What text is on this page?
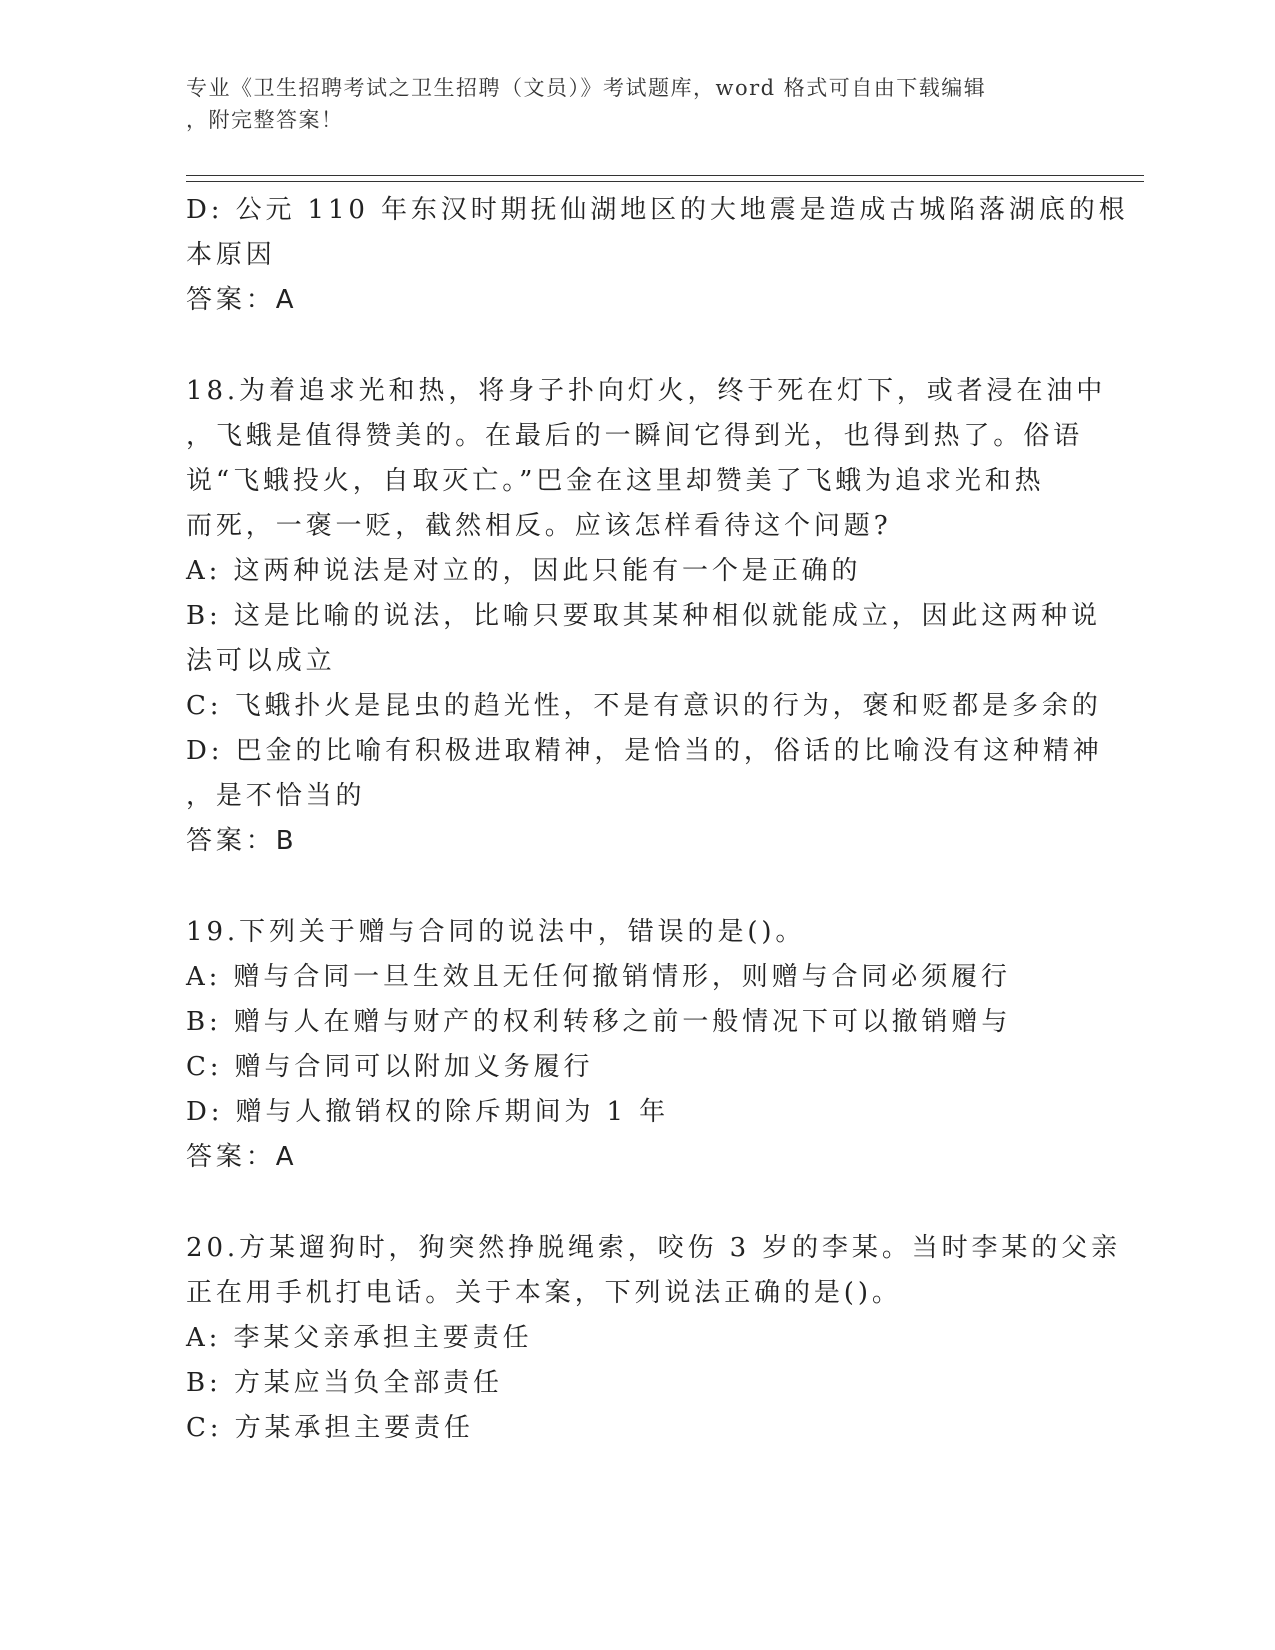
专业《卫生招聘考试之卫生招聘（文员）》考试题库，word 格式可自由下载编辑
，附完整答案！
D: 公元 110 年东汉时期抚仙湖地区的大地震是造成古城陷落湖底的根
本原因
答案：A
18.为着追求光和热，将身子扑向灯火，终于死在灯下，或者浸在油中
，飞蛾是值得赞美的。在最后的一瞬间它得到光，也得到热了。俗语
说“飞蛾投火，自取灭亡。”巴金在这里却赞美了飞蛾为追求光和热
而死，一褒一贬，截然相反。应该怎样看待这个问题?
A: 这两种说法是对立的，因此只能有一个是正确的
B: 这是比喻的说法，比喻只要取其某种相似就能成立，因此这两种说
法可以成立
C: 飞蛾扑火是昆虫的趋光性，不是有意识的行为，褒和贬都是多余的
D: 巴金的比喻有积极进取精神，是恰当的，俗话的比喻没有这种精神
，是不恰当的
答案：B
19.下列关于赠与合同的说法中，错误的是()。
A: 赠与合同一旦生效且无任何撤销情形，则赠与合同必须履行
B: 赠与人在赠与财产的权利转移之前一般情况下可以撤销赠与
C: 赠与合同可以附加义务履行
D: 赠与人撤销权的除斥期间为 1 年
答案：A
20.方某遛狗时，狗突然挣脱绳索，咬伤 3 岁的李某。当时李某的父亲
正在用手机打电话。关于本案，下列说法正确的是()。
A: 李某父亲承担主要责任
B: 方某应当负全部责任
C: 方某承担主要责任
